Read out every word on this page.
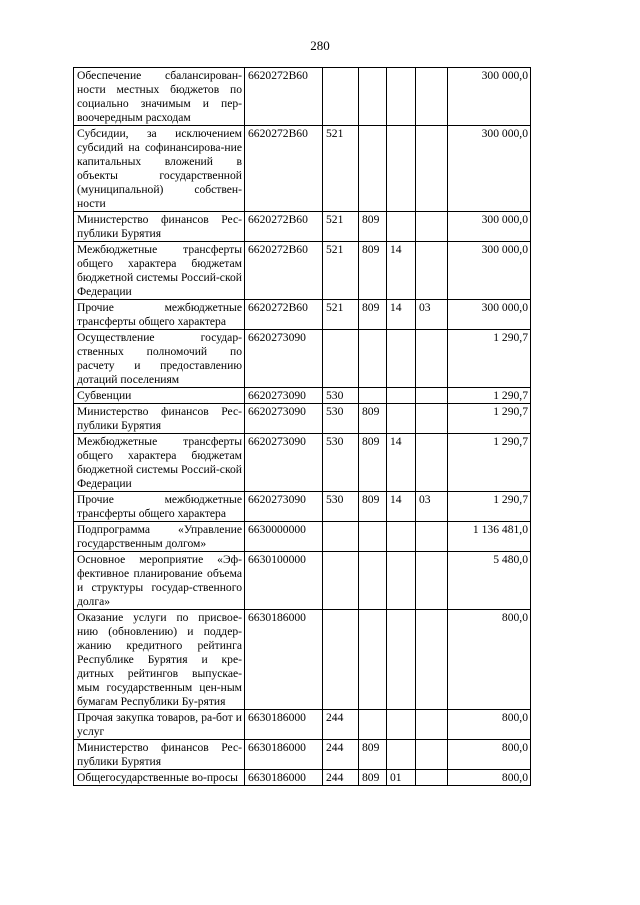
280
Обеспечение сбалансирован-ности местных бюджетов по социально значимым и пер-воочередным расходам	6620272В60					300 000,0
Субсидии, за исключением субсидий на софинансирова-ние капитальных вложений в объекты государственной (муниципальной) собствен-ности	6620272В60	521				300 000,0
Министерство финансов Рес-публики Бурятия	6620272В60	521	809			300 000,0
Межбюджетные трансферты общего характера бюджетам бюджетной системы Россий-ской Федерации	6620272В60	521	809	14		300 000,0
Прочие межбюджетные трансферты общего характера	6620272В60	521	809	14	03	300 000,0
Осуществление государ-ственных полномочий по расчету и предоставлению дотаций поселениям	6620273090					1 290,7
Субвенции	6620273090	530				1 290,7
Министерство финансов Рес-публики Бурятия	6620273090	530	809			1 290,7
Межбюджетные трансферты общего характера бюджетам бюджетной системы Россий-ской Федерации	6620273090	530	809	14		1 290,7
Прочие межбюджетные трансферты общего характера	6620273090	530	809	14	03	1 290,7
Подпрограмма «Управление государственным долгом»	6630000000					1 136 481,0
Основное мероприятие «Эф-фективное планирование объема и структуры государ-ственного долга»	6630100000					5 480,0
Оказание услуги по присвое-нию (обновлению) и поддер-жанию кредитного рейтинга Республике Бурятия и кре-дитных рейтингов выпускае-мым государственным цен-ным бумагам Республики Бу-рятия	6630186000					800,0
Прочая закупка товаров, ра-бот и услуг	6630186000	244				800,0
Министерство финансов Рес-публики Бурятия	6630186000	244	809			800,0
Общегосударственные во-просы	6630186000	244	809	01		800,0
